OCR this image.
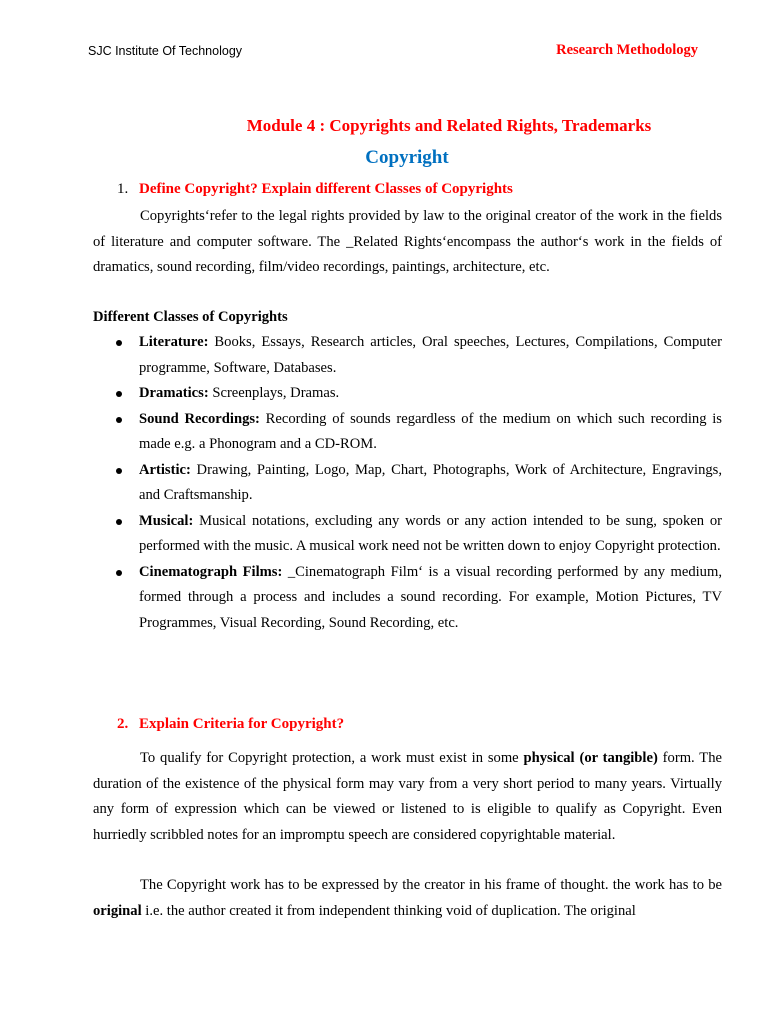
SJC Institute Of Technology	Research Methodology
Module 4 : Copyrights and Related Rights, Trademarks
Copyright
1. Define Copyright? Explain different Classes of Copyrights
Copyrights‘refer to the legal rights provided by law to the original creator of the work in the fields of literature and computer software. The _Related Rights‘encompass the author‘s work in the fields of dramatics, sound recording, film/video recordings, paintings, architecture, etc.
Different Classes of Copyrights
Literature: Books, Essays, Research articles, Oral speeches, Lectures, Compilations, Computer programme, Software, Databases.
Dramatics: Screenplays, Dramas.
Sound Recordings: Recording of sounds regardless of the medium on which such recording is made e.g. a Phonogram and a CD-ROM.
Artistic: Drawing, Painting, Logo, Map, Chart, Photographs, Work of Architecture, Engravings, and Craftsmanship.
Musical: Musical notations, excluding any words or any action intended to be sung, spoken or performed with the music. A musical work need not be written down to enjoy Copyright protection.
Cinematograph Films: _Cinematograph Film‘ is a visual recording performed by any medium, formed through a process and includes a sound recording. For example, Motion Pictures, TV Programmes, Visual Recording, Sound Recording, etc.
2. Explain Criteria for Copyright?
To qualify for Copyright protection, a work must exist in some physical (or tangible) form. The duration of the existence of the physical form may vary from a very short period to many years. Virtually any form of expression which can be viewed or listened to is eligible to qualify as Copyright. Even hurriedly scribbled notes for an impromptu speech are considered copyrightable material.
The Copyright work has to be expressed by the creator in his frame of thought. the work has to be original i.e. the author created it from independent thinking void of duplication. The original
